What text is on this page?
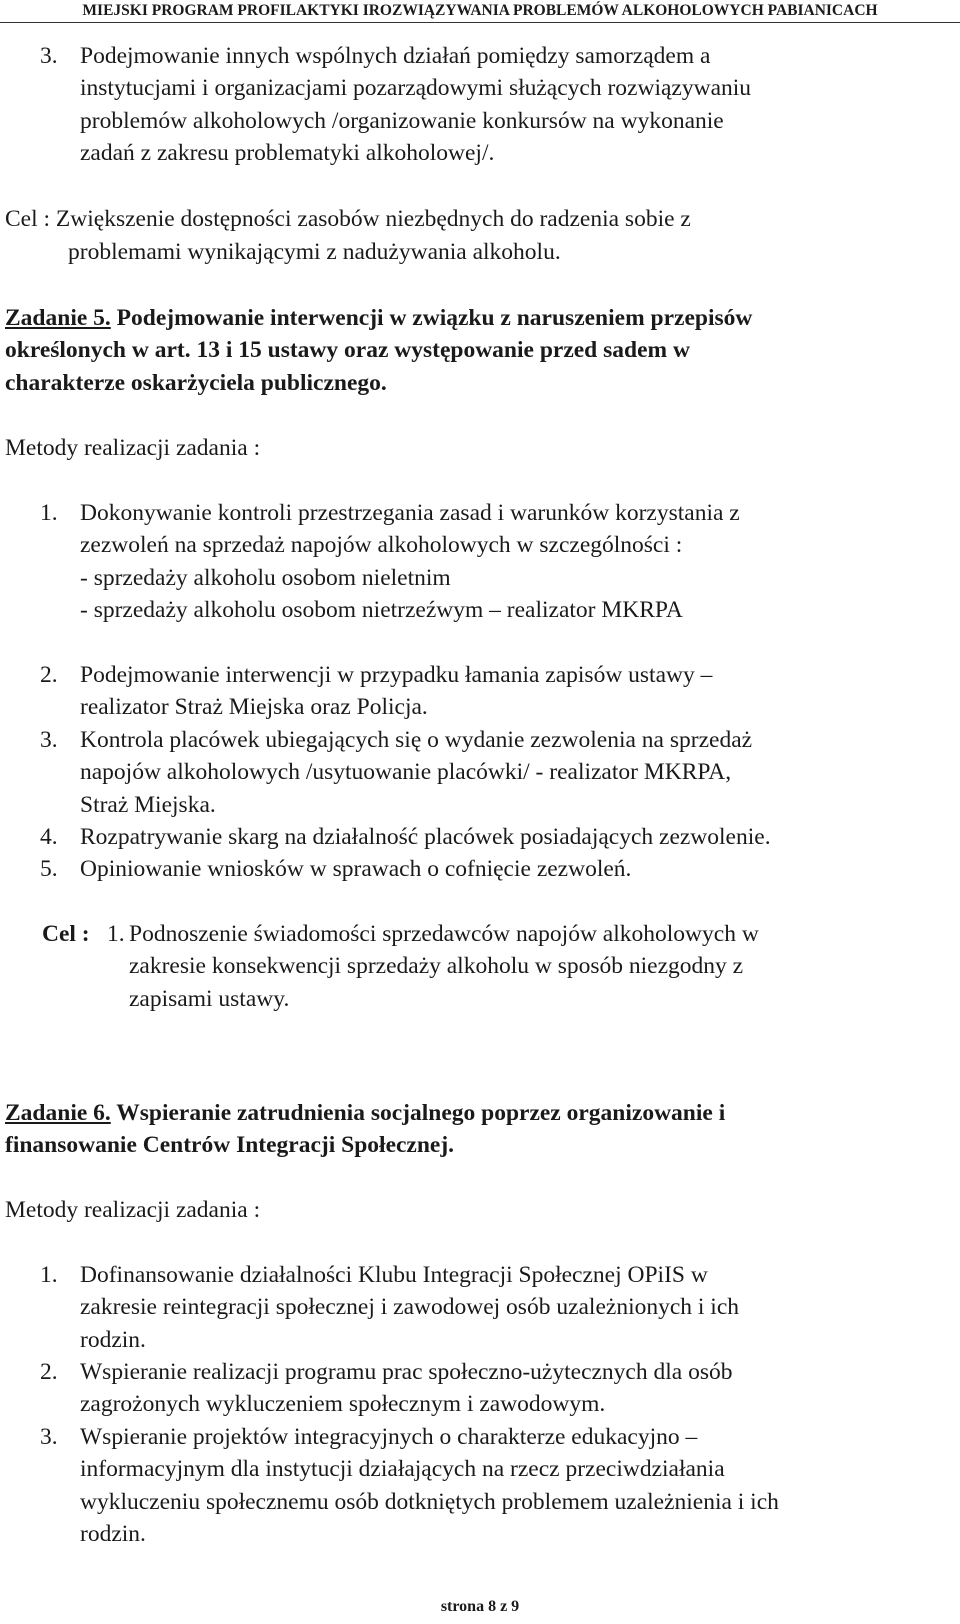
MIEJSKI PROGRAM PROFILAKTYKI IROZWIĄZYWANIA PROBLEMÓW ALKOHOLOWYCH PABIANICACH
3. Podejmowanie innych wspólnych działań pomiędzy samorządem a
instytucjami i organizacjami pozarządowymi służących rozwiązywaniu
problemów alkoholowych /organizowanie konkursów na wykonanie
zadań z zakresu problematyki alkoholowej/.
Cel : Zwiększenie dostępności zasobów niezbędnych do radzenia sobie z
problemami wynikającymi z nadużywania alkoholu.
Zadanie 5. Podejmowanie interwencji w związku z naruszeniem przepisów
określonych w art. 13 i 15 ustawy oraz występowanie przed sadem w
charakterze oskarżyciela publicznego.
Metody realizacji zadania :
1. Dokonywanie kontroli przestrzegania zasad i warunków korzystania z
zezwoleń na sprzedaż napojów alkoholowych w szczególności :
- sprzedaży alkoholu osobom nieletnim
- sprzedaży alkoholu osobom nietrzeźwym – realizator MKRPA
2. Podejmowanie interwencji w przypadku łamania zapisów ustawy –
realizator Straż Miejska oraz Policja.
3. Kontrola placówek ubiegających się o wydanie zezwolenia na sprzedaż
napojów alkoholowych /usytuowanie placówki/ - realizator MKRPA,
Straż Miejska.
4. Rozpatrywanie skarg na działalność placówek posiadających zezwolenie.
5. Opiniowanie wniosków w sprawach o cofnięcie zezwoleń.
Cel : 1. Podnoszenie świadomości sprzedawców napojów alkoholowych w
zakresie konsekwencji sprzedaży alkoholu w sposób niezgodny z
zapisami ustawy.
Zadanie 6. Wspieranie zatrudnienia socjalnego poprzez organizowanie i
finansowanie Centrów Integracji Społecznej.
Metody realizacji zadania :
1. Dofinansowanie działalności Klubu Integracji Społecznej OPiIS w
zakresie reintegracji społecznej i zawodowej osób uzależnionych i ich
rodzin.
2. Wspieranie realizacji programu prac społeczno-użytecznych dla osób
zagrożonych wykluczeniem społecznym i zawodowym.
3. Wspieranie projektów integracyjnych o charakterze edukacyjno –
informacyjnym dla instytucji działających na rzecz przeciwdziałania
wykluczeniu społecznemu osób dotkniętych problemem uzależnienia i ich
rodzin.
strona 8 z 9
